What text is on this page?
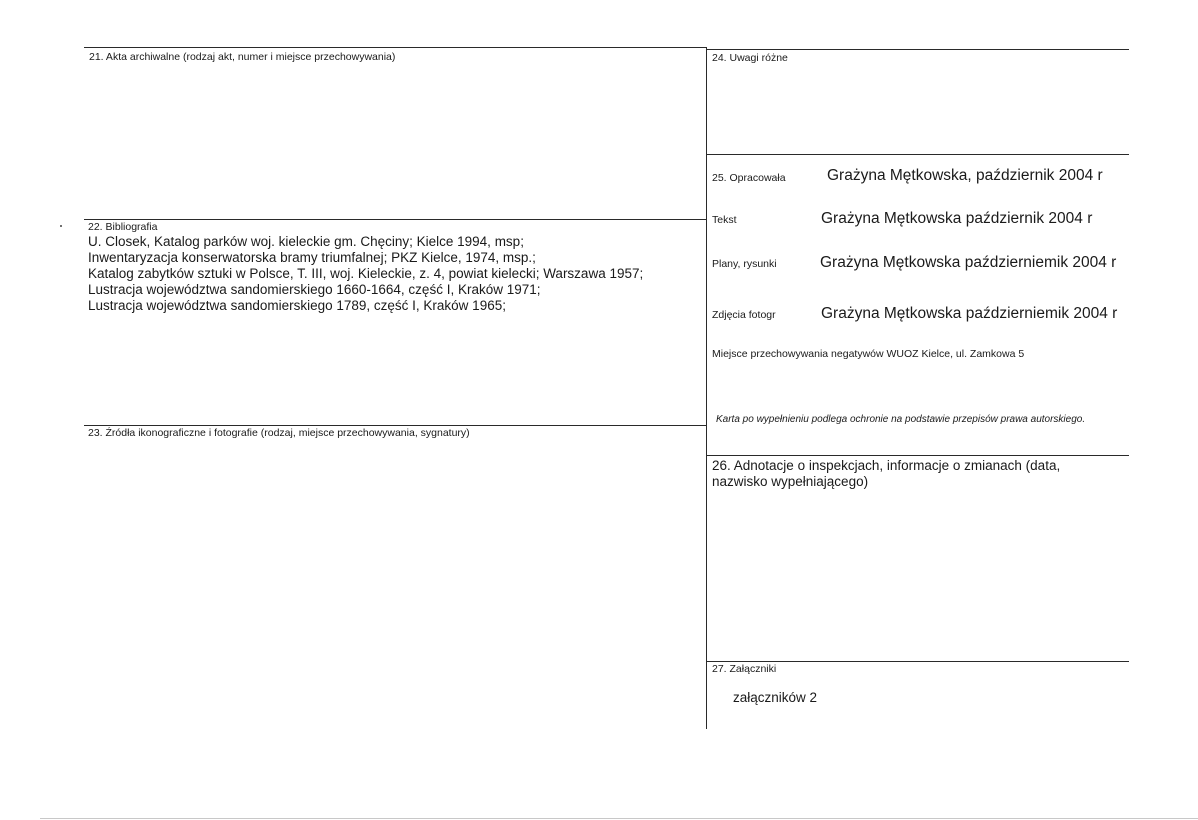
21. Akta archiwalne (rodzaj akt, numer i miejsce przechowywania)
22. Bibliografia
U. Closek, Katalog parków woj. kieleckie gm. Chęciny; Kielce 1994, msp;
Inwentaryzacja konserwatorska bramy triumfalnej; PKZ Kielce, 1974, msp.;
Katalog zabytków sztuki w Polsce, T. III, woj. Kieleckie, z. 4, powiat kielecki; Warszawa 1957;
Lustracja województwa sandomierskiego 1660-1664, część I, Kraków 1971;
Lustracja województwa sandomierskiego 1789, część I, Kraków 1965;
23. Źródła ikonograficzne i fotografie (rodzaj, miejsce przechowywania, sygnatury)
24. Uwagi różne
25. Opracowała	Grażyna Mętkowska, październik 2004 r
Tekst	Grażyna Mętkowska październik 2004 r
Plany, rysunki	Grażyna Mętkowska październiemik 2004 r
Zdjęcia fotogr	Grażyna Mętkowska październiemik 2004 r
Miejsce przechowywania negatywów WUOZ Kielce, ul. Zamkowa 5
Karta po wypełnieniu podlega ochronie na podstawie przepisów prawa autorskiego.
26. Adnotacje o inspekcjach, informacje o zmianach (data,
nazwisko wypełniającego)
27. Załączniki
załączników 2
